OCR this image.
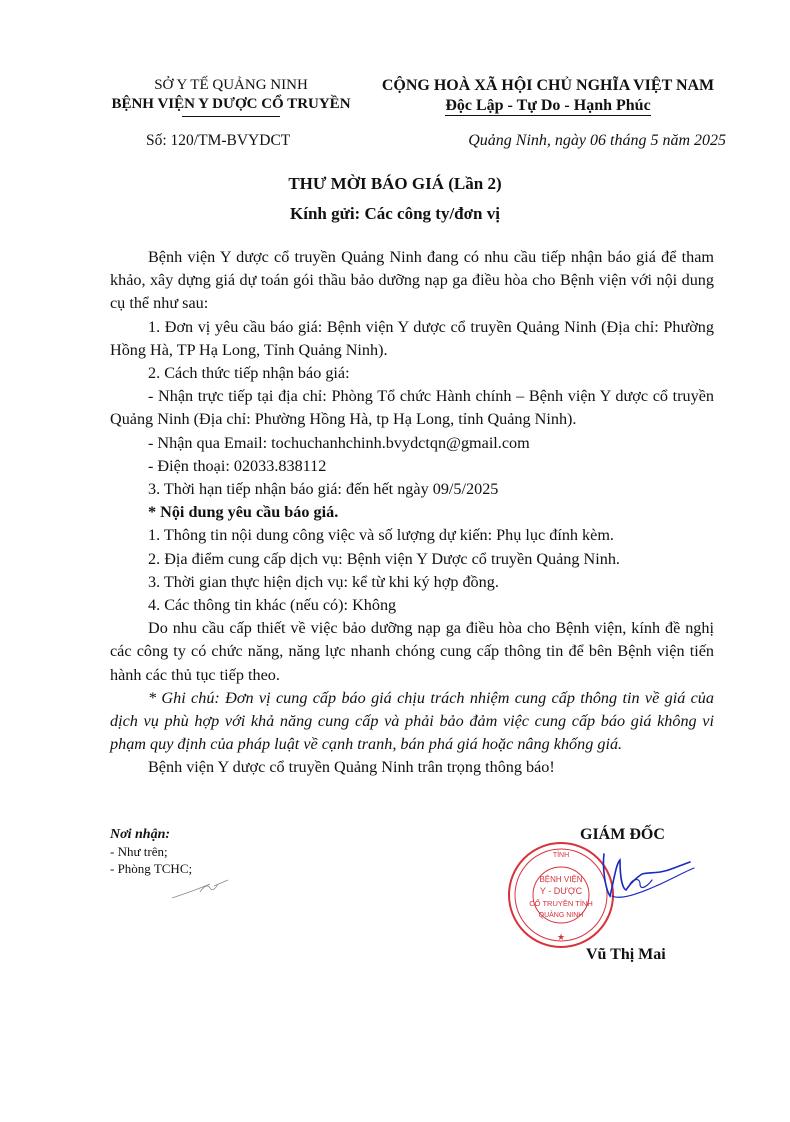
SỞ Y TẾ QUẢNG NINH
BỆNH VIỆN Y DƯỢC CỔ TRUYỀN
CỘNG HOÀ XÃ HỘI CHỦ NGHĨA VIỆT NAM
Độc Lập - Tự Do - Hạnh Phúc
Số: 120/TM-BVYDCT	Quảng Ninh, ngày 06 tháng 5 năm 2025
THƯ MỜI BÁO GIÁ (Lần 2)
Kính gửi: Các công ty/đơn vị

Bệnh viện Y dược cổ truyền Quảng Ninh đang có nhu cầu tiếp nhận báo giá để tham khảo, xây dựng giá dự toán gói thầu bảo dưỡng nạp ga điều hòa cho Bệnh viện với nội dung cụ thể như sau:

1. Đơn vị yêu cầu báo giá: Bệnh viện Y dược cổ truyền Quảng Ninh (Địa chỉ: Phường Hồng Hà, TP Hạ Long, Tỉnh Quảng Ninh).

2. Cách thức tiếp nhận báo giá:

- Nhận trực tiếp tại địa chỉ: Phòng Tổ chức Hành chính – Bệnh viện Y dược cổ truyền Quảng Ninh (Địa chỉ: Phường Hồng Hà, tp Hạ Long, tỉnh Quảng Ninh).

- Nhận qua Email: tochuchanhchinh.bvydctqn@gmail.com

- Điện thoại: 02033.838112

3. Thời hạn tiếp nhận báo giá: đến hết ngày 09/5/2025

* Nội dung yêu cầu báo giá.

1. Thông tin nội dung công việc và số lượng dự kiến: Phụ lục đính kèm.

2. Địa điểm cung cấp dịch vụ: Bệnh viện Y Dược cổ truyền Quảng Ninh.

3. Thời gian thực hiện dịch vụ: kể từ khi ký hợp đồng.

4. Các thông tin khác (nếu có): Không

Do nhu cầu cấp thiết về việc bảo dưỡng nạp ga điều hòa cho Bệnh viện, kính đề nghị các công ty có chức năng, năng lực nhanh chóng cung cấp thông tin để bên Bệnh viện tiến hành các thủ tục tiếp theo.

* Ghi chú: Đơn vị cung cấp báo giá chịu trách nhiệm cung cấp thông tin về giá của dịch vụ phù hợp với khả năng cung cấp và phải bảo đảm việc cung cấp báo giá không vi phạm quy định của pháp luật về cạnh tranh, bán phá giá hoặc nâng khống giá.

Bệnh viện Y dược cổ truyền Quảng Ninh trân trọng thông báo!

Nơi nhận:
- Như trên;
- Phòng TCHC;
GIÁM ĐỐC
TỈNH
BỆNH VIỆN
Y - DƯỢC
CỔ TRUYỀN TỈNH
QUẢNG NINH
★
Vũ Thị Mai
